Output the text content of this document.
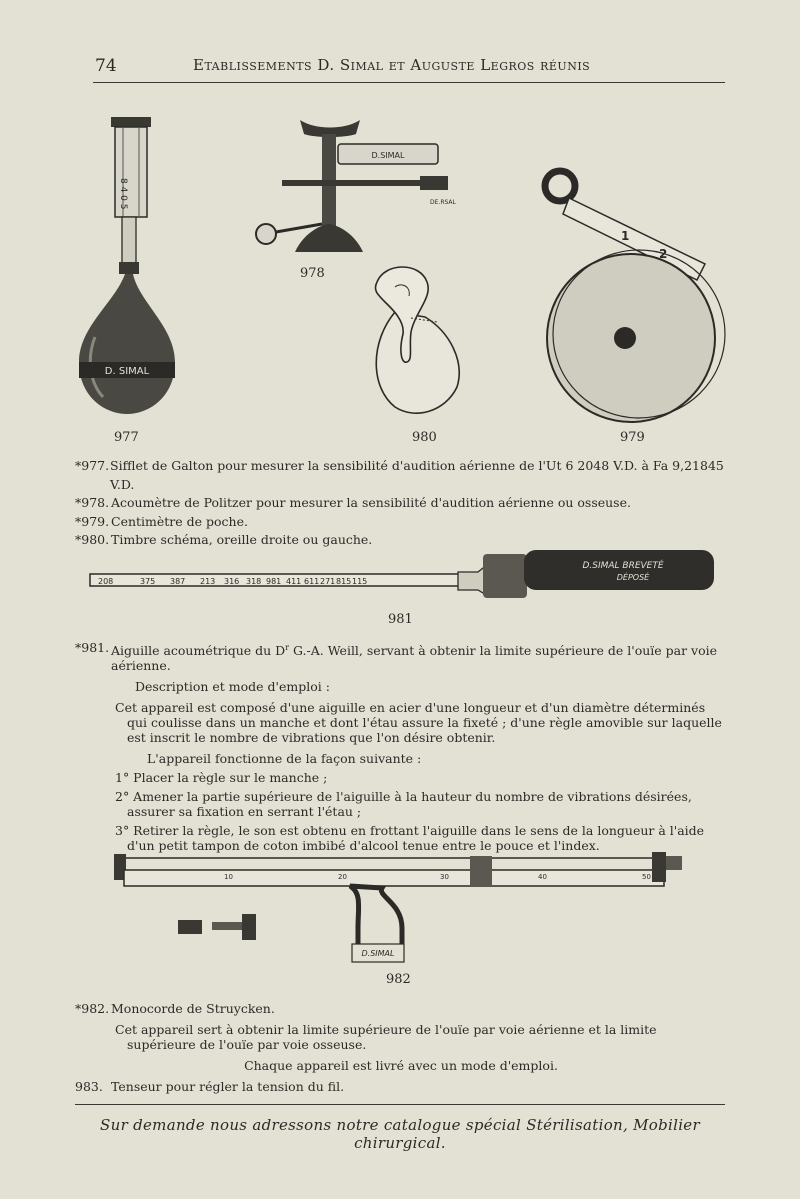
74	Etablissements D. Simal et Auguste Legros réunis
8 4 0 5
D. SIMAL
977
D.SIMAL
DE.RSAL
978
980
1
2
979
*977. Sifflet de Galton pour mesurer la sensibilité d'audition aérienne de l'Ut 6 2048 V.D. à Fa 9,21845 V.D.
*978. Acoumètre de Politzer pour mesurer la sensibilité d'audition aérienne ou osseuse.
*979. Centimètre de poche.
*980. Timbre schéma, oreille droite ou gauche.
208	375 387 213 316 318 981 411 611 271 815 115
D.SIMAL BREVETÉ
DÉPOSÉ
981

*981. Aiguille acoumétrique du $D^r$ G.-A. Weill, servant à obtenir la limite supérieure de l'ouïe par voie aérienne.

Description et mode d'emploi :

Cet appareil est composé d'une aiguille en acier d'une longueur et d'un diamètre déterminés qui coulisse dans un manche et dont l'étau assure la fixeté ; d'une règle amovible sur laquelle est inscrit le nombre de vibrations que l'on désire obtenir.

L'appareil fonctionne de la façon suivante :

1° Placer la règle sur le manche ;

2° Amener la partie supérieure de l'aiguille à la hauteur du nombre de vibrations désirées, assurer sa fixation en serrant l'étau ;

3° Retirer la règle, le son est obtenu en frottant l'aiguille dans le sens de la longueur à l'aide d'un petit tampon de coton imbibé d'alcool tenue entre le pouce et l'index.

10	20	30	40	50
D.SIMAL
982

*982. Monocorde de Struycken.

Cet appareil sert à obtenir la limite supérieure de l'ouïe par voie aérienne et la limite supérieure de l'ouïe par voie osseuse.

Chaque appareil est livré avec un mode d'emploi.

983. Tenseur pour régler la tension du fil.

Sur demande nous adressons notre catalogue spécial Stérilisation, Mobilier chirurgical.
